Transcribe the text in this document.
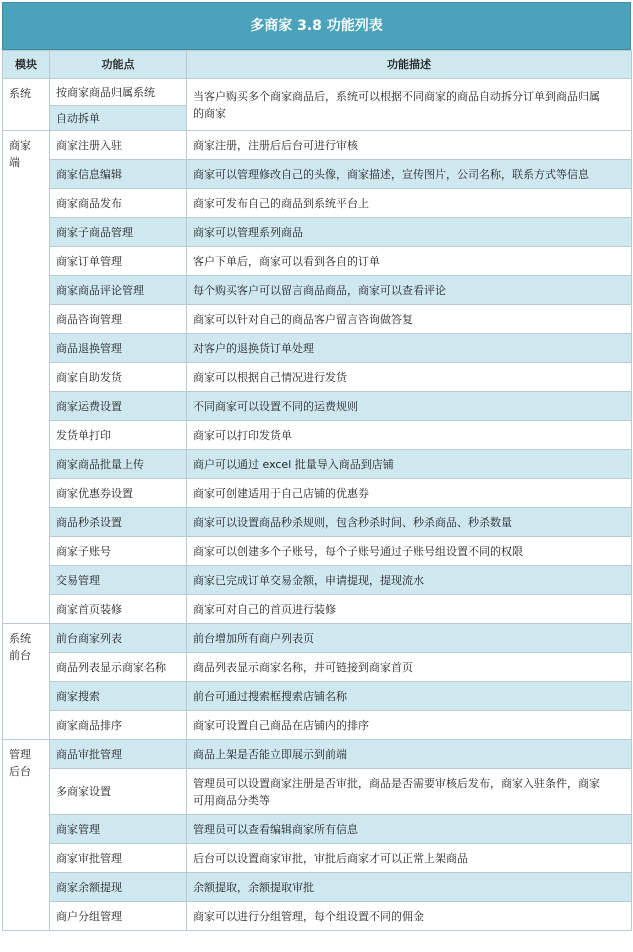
多商家 3.8 功能列表
模块	功能点	功能描述
系统	按商家商品归属系统	当客户购买多个商家商品后，系统可以根据不同商家的商品自动拆分订单到商品归属
的商家

	自动拆单	

商家
端	商家注册入驻	商家注册，注册后后台可进行审核
	商家信息编辑	商家可以管理修改自己的头像，商家描述，宣传图片，公司名称，联系方式等信息
	商家商品发布	商家可发布自己的商品到系统平台上
	商家子商品管理	商家可以管理系列商品
	商家订单管理	客户下单后，商家可以看到各自的订单
	商家商品评论管理	每个购买客户可以留言商品商品，商家可以查看评论
	商品咨询管理	商家可以针对自己的商品客户留言咨询做答复
	商品退换管理	对客户的退换货订单处理
	商家自助发货	商家可以根据自己情况进行发货
	商家运费设置	不同商家可以设置不同的运费规则
	发货单打印	商家可以打印发货单
	商家商品批量上传	商户可以通过 excel 批量导入商品到店铺
	商家优惠券设置	商家可创建适用于自己店铺的优惠券
	商品秒杀设置	商家可以设置商品秒杀规则，包含秒杀时间、秒杀商品、秒杀数量
	商家子账号	商家可以创建多个子账号，每个子账号通过子账号组设置不同的权限
	交易管理	商家已完成订单交易金额，申请提现，提现流水
	商家首页装修	商家可对自己的首页进行装修

系统
前台	前台商家列表	前台增加所有商户列表页
	商品列表显示商家名称	商品列表显示商家名称，并可链接到商家首页
	商家搜索	前台可通过搜索框搜索店铺名称
	商家商品排序	商家可设置自己商品在店铺内的排序

管理
后台	商品审批管理	商品上架是否能立即展示到前端
	多商家设置	管理员可以设置商家注册是否审批，商品是否需要审核后发布，商家入驻条件，商家
可用商品分类等

	商家管理	管理员可以查看编辑商家所有信息
	商家审批管理	后台可以设置商家审批，审批后商家才可以正常上架商品
	商家余额提现	余额提取，余额提取审批
	商户分组管理	商家可以进行分组管理，每个组设置不同的佣金
